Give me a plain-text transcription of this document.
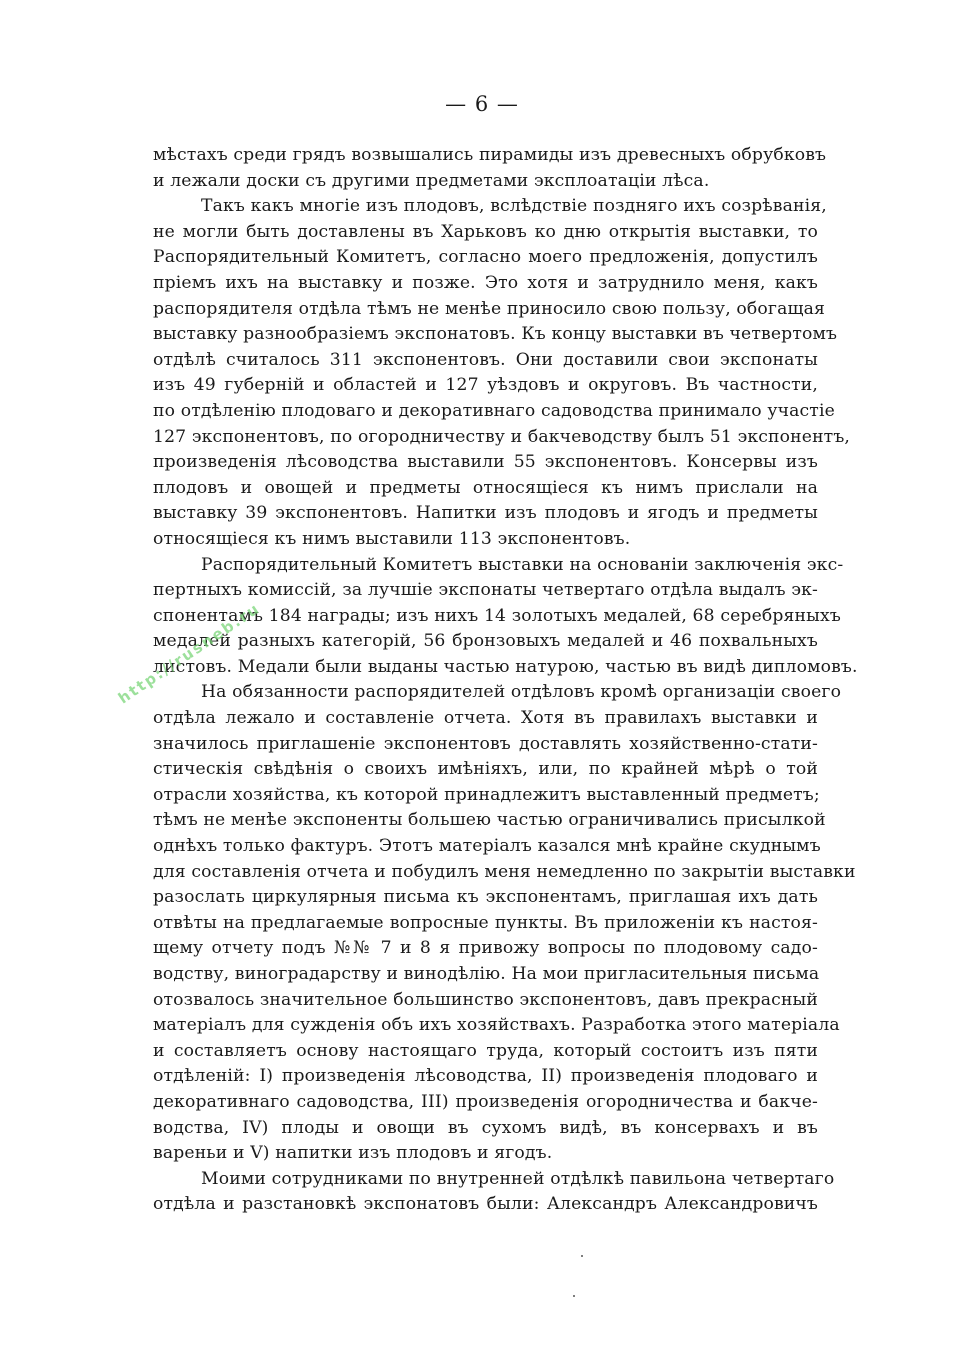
— 6 —
мѣстахъ среди грядъ возвышались пирамиды изъ древесныхъ обрубковъ
и лежали доски съ другими предметами эксплоатаціи лѣса.
Такъ какъ многіе изъ плодовъ, вслѣдствіе поздняго ихъ созрѣванія,
не могли быть доставлены въ Харьковъ ко дню открытія выставки, то
Распорядительный Комитетъ, согласно моего предложенія, допустилъ
пріемъ ихъ на выставку и позже. Это хотя и затруднило меня, какъ
распорядителя отдѣла тѣмъ не менѣе приносило свою пользу, обогащая
выставку разнообразіемъ экспонатовъ. Къ концу выставки въ четвертомъ
отдѣлѣ считалось 311 экспонентовъ. Они доставили свои экспонаты
изъ 49 губерній и областей и 127 уѣздовъ и округовъ. Въ частности,
по отдѣленію плодоваго и декоративнаго садоводства принимало участіе
127 экспонентовъ, по огородничеству и бакчеводству былъ 51 экспонентъ,
произведенія лѣсоводства выставили 55 экспонентовъ. Консервы изъ
плодовъ и овощей и предметы относящіеся къ нимъ прислали на
выставку 39 экспонентовъ. Напитки изъ плодовъ и ягодъ и предметы
относящіеся къ нимъ выставили 113 экспонентовъ.
Распорядительный Комитетъ выставки на основаніи заключенія экс-
пертныхъ комиссій, за лучшіе экспонаты четвертаго отдѣла выдалъ эк-
спонентамъ 184 награды; изъ нихъ 14 золотыхъ медалей, 68 серебряныхъ
медалей разныхъ категорій, 56 бронзовыхъ медалей и 46 похвальныхъ
листовъ. Медали были выданы частью натурою, частью въ видѣ дипломовъ.
На обязанности распорядителей отдѣловъ кромѣ организаціи своего
отдѣла лежало и составленіе отчета. Хотя въ правилахъ выставки и
значилось приглашеніе экспонентовъ доставлять хозяйственно-стати-
стическія свѣдѣнія о своихъ имѣніяхъ, или, по крайней мѣрѣ о той
отрасли хозяйства, къ которой принадлежитъ выставленный предметъ;
тѣмъ не менѣе экспоненты большею частью ограничивались присылкой
однѣхъ только фактуръ. Этотъ матеріалъ казался мнѣ крайне скуднымъ
для составленія отчета и побудилъ меня немедленно по закрытіи выставки
разослать циркулярныя письма къ экспонентамъ, приглашая ихъ дать
отвѣты на предлагаемые вопросные пункты. Въ приложеніи къ настоя-
щему отчету подъ №№ 7 и 8 я привожу вопросы по плодовому садо-
водству, виноградарству и винодѣлію. На мои пригласительныя письма
отозвалось значительное большинство экспонентовъ, давъ прекрасный
матеріалъ для сужденія объ ихъ хозяйствахъ. Разработка этого матеріала
и составляетъ основу настоящаго труда, который состоитъ изъ пяти
отдѣленій: I) произведенія лѣсоводства, II) произведенія плодоваго и
декоративнаго садоводства, III) произведенія огородничества и бакче-
водства, IV) плоды и овощи въ сухомъ видѣ, въ консервахъ и въ
вареньи и V) напитки изъ плодовъ и ягодъ.
Моими сотрудниками по внутренней отдѣлкѣ павильона четвертаго
отдѣла и разстановкѣ экспонатовъ были: Александръ Александровичъ
http://rusneb.ru
